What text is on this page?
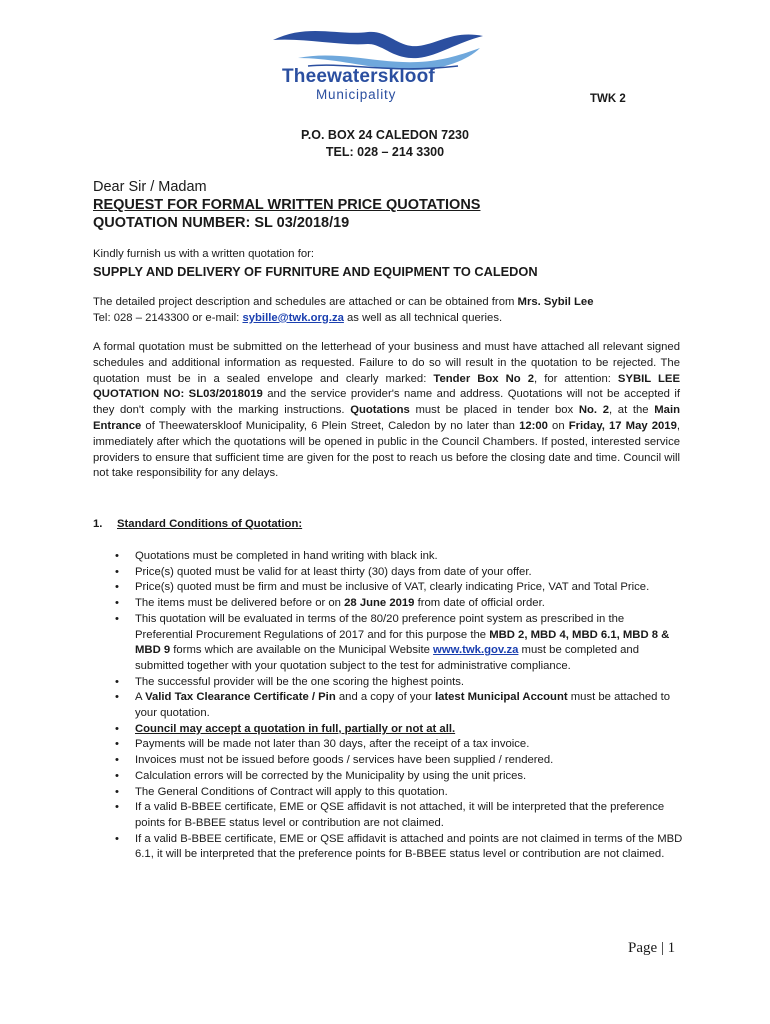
Theewaterskloof
Municipality	TWK 2
P.O. BOX 24 CALEDON 7230
TEL: 028 – 214 3300
Dear Sir / Madam
REQUEST FOR FORMAL WRITTEN PRICE QUOTATIONS
QUOTATION NUMBER: SL 03/2018/19
Kindly furnish us with a written quotation for:
SUPPLY AND DELIVERY OF FURNITURE AND EQUIPMENT TO CALEDON
The detailed project description and schedules are attached or can be obtained from Mrs. Sybil Lee
Tel: 028 – 2143300 or e-mail: sybille@twk.org.za as well as all technical queries.
A formal quotation must be submitted on the letterhead of your business and must have attached all relevant signed schedules and additional information as requested. Failure to do so will result in the quotation to be rejected. The quotation must be in a sealed envelope and clearly marked: Tender Box No 2, for attention: SYBIL LEE QUOTATION NO: SL03/2018019 and the service provider's name and address. Quotations will not be accepted if they don't comply with the marking instructions. Quotations must be placed in tender box No. 2, at the Main Entrance of Theewaterskloof Municipality, 6 Plein Street, Caledon by no later than 12:00 on Friday, 17 May 2019, immediately after which the quotations will be opened in public in the Council Chambers. If posted, interested service providers to ensure that sufficient time are given for the post to reach us before the closing date and time. Council will not take responsibility for any delays.
1. Standard Conditions of Quotation:
• Quotations must be completed in hand writing with black ink.
• Price(s) quoted must be valid for at least thirty (30) days from date of your offer.
• Price(s) quoted must be firm and must be inclusive of VAT, clearly indicating Price, VAT and Total Price.
• The items must be delivered before or on 28 June 2019 from date of official order.
• This quotation will be evaluated in terms of the 80/20 preference point system as prescribed in the Preferential Procurement Regulations of 2017 and for this purpose the MBD 2, MBD 4, MBD 6.1, MBD 8 & MBD 9 forms which are available on the Municipal Website www.twk.gov.za must be completed and submitted together with your quotation subject to the test for administrative compliance.
• The successful provider will be the one scoring the highest points.
• A Valid Tax Clearance Certificate / Pin and a copy of your latest Municipal Account must be attached to your quotation.
• Council may accept a quotation in full, partially or not at all.
• Payments will be made not later than 30 days, after the receipt of a tax invoice.
• Invoices must not be issued before goods / services have been supplied / rendered.
• Calculation errors will be corrected by the Municipality by using the unit prices.
• The General Conditions of Contract will apply to this quotation.
• If a valid B-BBEE certificate, EME or QSE affidavit is not attached, it will be interpreted that the preference points for B-BBEE status level or contribution are not claimed.
• If a valid B-BBEE certificate, EME or QSE affidavit is attached and points are not claimed in terms of the MBD 6.1, it will be interpreted that the preference points for B-BBEE status level or contribution are not claimed.
Page | 1
